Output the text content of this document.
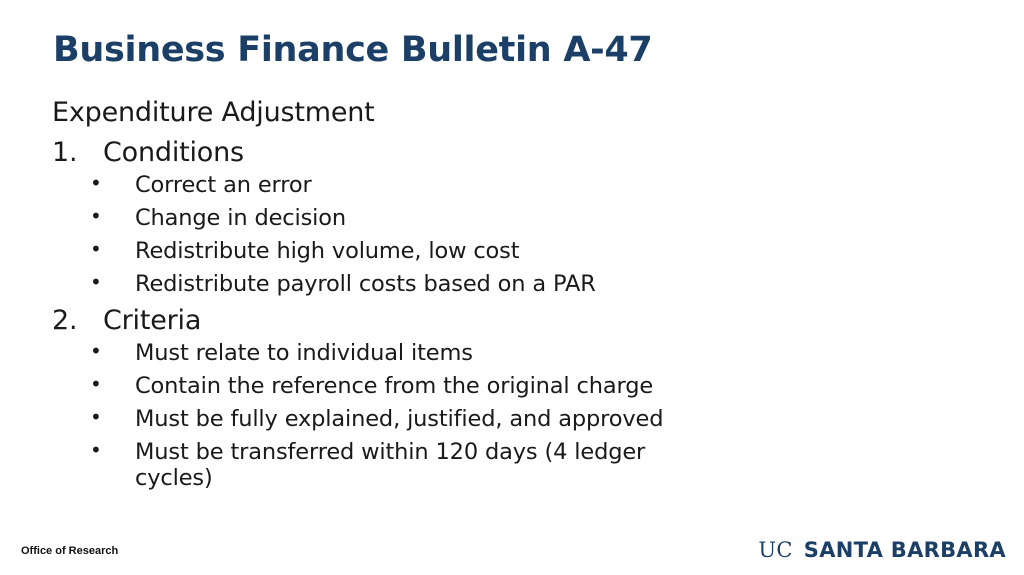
Business Finance Bulletin A-47

Expenditure Adjustment

1. Conditions
• Correct an error
• Change in decision
• Redistribute high volume, low cost
• Redistribute payroll costs based on a PAR
2. Criteria
• Must relate to individual items
• Contain the reference from the original charge
• Must be fully explained, justified, and approved
• Must be transferred within 120 days (4 ledger cycles)
Office of Research	UC SANTA BARBARA
